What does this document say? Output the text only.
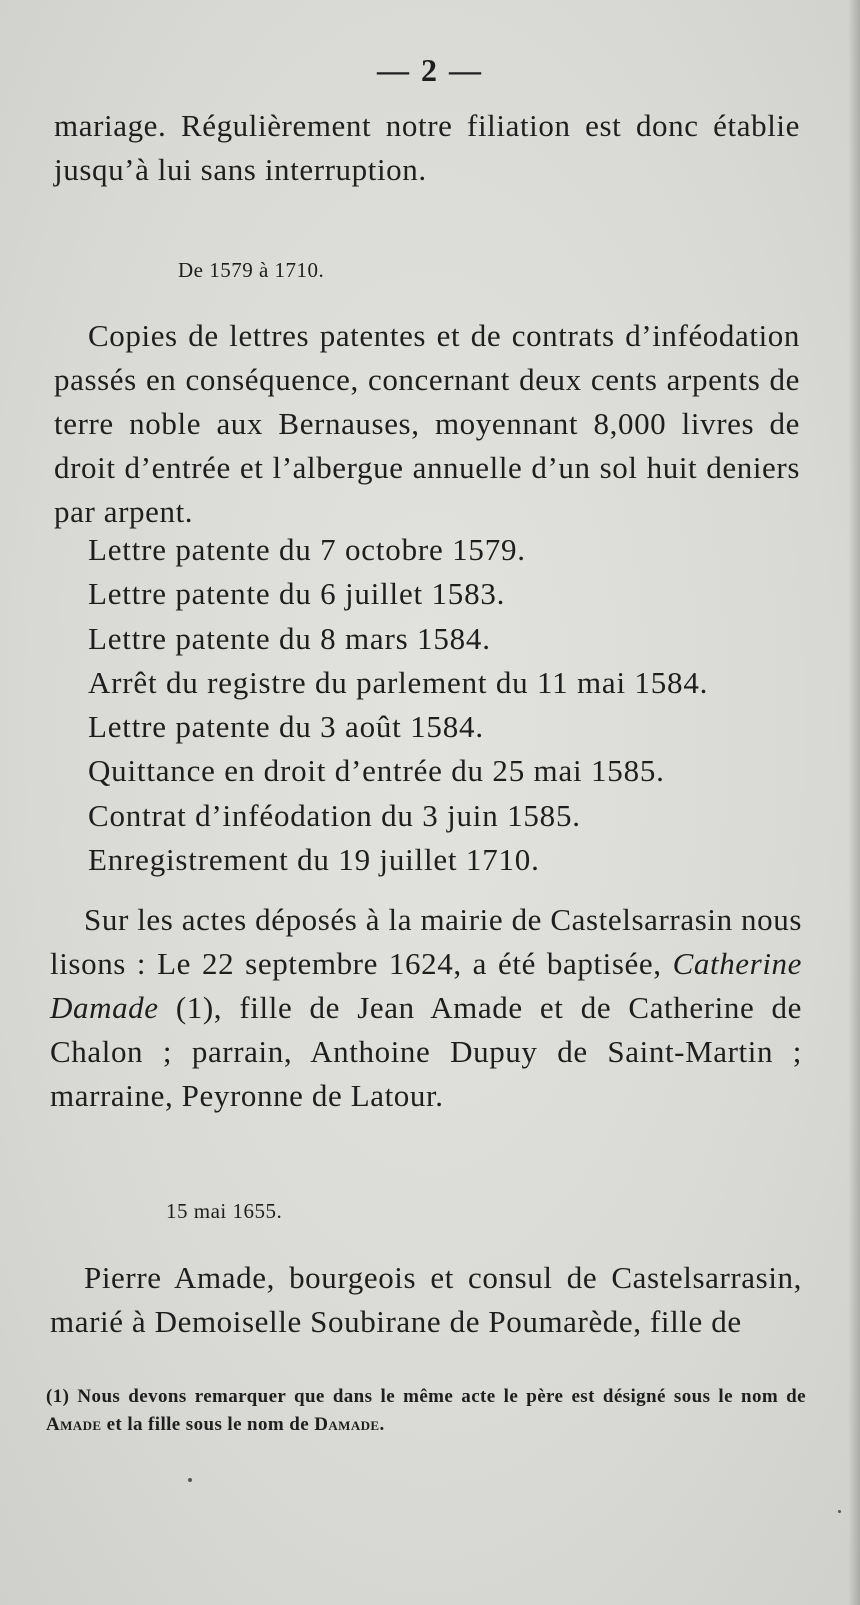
— 2 —

mariage. Régulièrement notre filiation est donc établie jusqu’à lui sans interruption.

De 1579 à 1710.

Copies de lettres patentes et de contrats d’inféodation passés en conséquence, concernant deux cents arpents de terre noble aux Bernauses, moyennant 8,000 livres de droit d’entrée et l’albergue annuelle d’un sol huit deniers par arpent.

Lettre patente du 7 octobre 1579.
Lettre patente du 6 juillet 1583.
Lettre patente du 8 mars 1584.
Arrêt du registre du parlement du 11 mai 1584.
Lettre patente du 3 août 1584.
Quittance en droit d’entrée du 25 mai 1585.
Contrat d’inféodation du 3 juin 1585.
Enregistrement du 19 juillet 1710.

Sur les actes déposés à la mairie de Castelsarrasin nous lisons : Le 22 septembre 1624, a été baptisée, Catherine Damade (1), fille de Jean Amade et de Catherine de Chalon ; parrain, Anthoine Dupuy de Saint-Martin ; marraine, Peyronne de Latour.

15 mai 1655.

Pierre Amade, bourgeois et consul de Castelsarrasin, marié à Demoiselle Soubirane de Poumarède, fille de

(1) Nous devons remarquer que dans le même acte le père est désigné sous le nom de Amade et la fille sous le nom de Damade.
